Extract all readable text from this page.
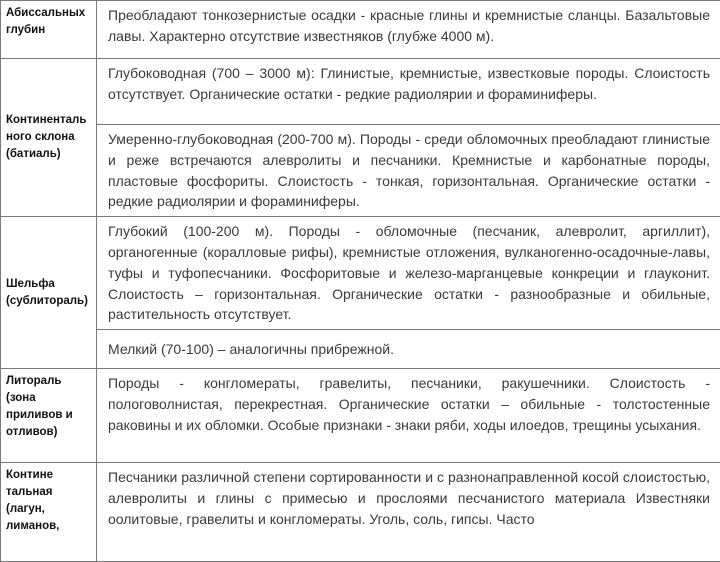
Абиссальных глубин	Преобладают тонкозернистые осадки - красные глины и кремнистые сланцы. Базальтовые лавы. Характерно отсутствие известняков (глубже 4000 м).
Континенталь ного склона (батиаль)	Глубоководная (700 – 3000 м): Глинистые, кремнистые, известковые породы. Слоистость отсутствует. Органические остатки - редкие радиолярии и фораминиферы.
	Умеренно-глубоководная (200-700 м). Породы - среди обломочных преобладают глинистые и реже встречаются алевролиты и песчаники. Кремнистые и карбонатные породы, пластовые фосфориты. Слоистость - тонкая, горизонтальная. Органические остатки - редкие радиолярии и фораминиферы.
Шельфа (сублитораль)	Глубокий (100-200 м). Породы - обломочные (песчаник, алевролит, аргиллит), органогенные (коралловые рифы), кремнистые отложения, вулканогенно-осадочные-лавы, туфы и туфопесчаники. Фосфоритовые и железо-марганцевые конкреции и глауконит. Слоистость – горизонтальная. Органические остатки - разнообразные и обильные, растительность отсутствует.
	Мелкий (70-100) – аналогичны прибрежной.
Литораль (зона приливов и отливов)	Породы - конгломераты, гравелиты, песчаники, ракушечники. Слоистость - пологоволнистая, перекрестная. Органические остатки – обильные - толстостенные раковины и их обломки. Особые признаки - знаки ряби, ходы илоедов, трещины усыхания.
Контине тальная (лагун, лиманов,	Песчаники различной степени сортированности и с разнонаправленной косой слоистостью, алевролиты и глины с примесью и прослоями песчанистого материала Известняки оолитовые, гравелиты и конгломераты. Уголь, соль, гипсы. Часто
